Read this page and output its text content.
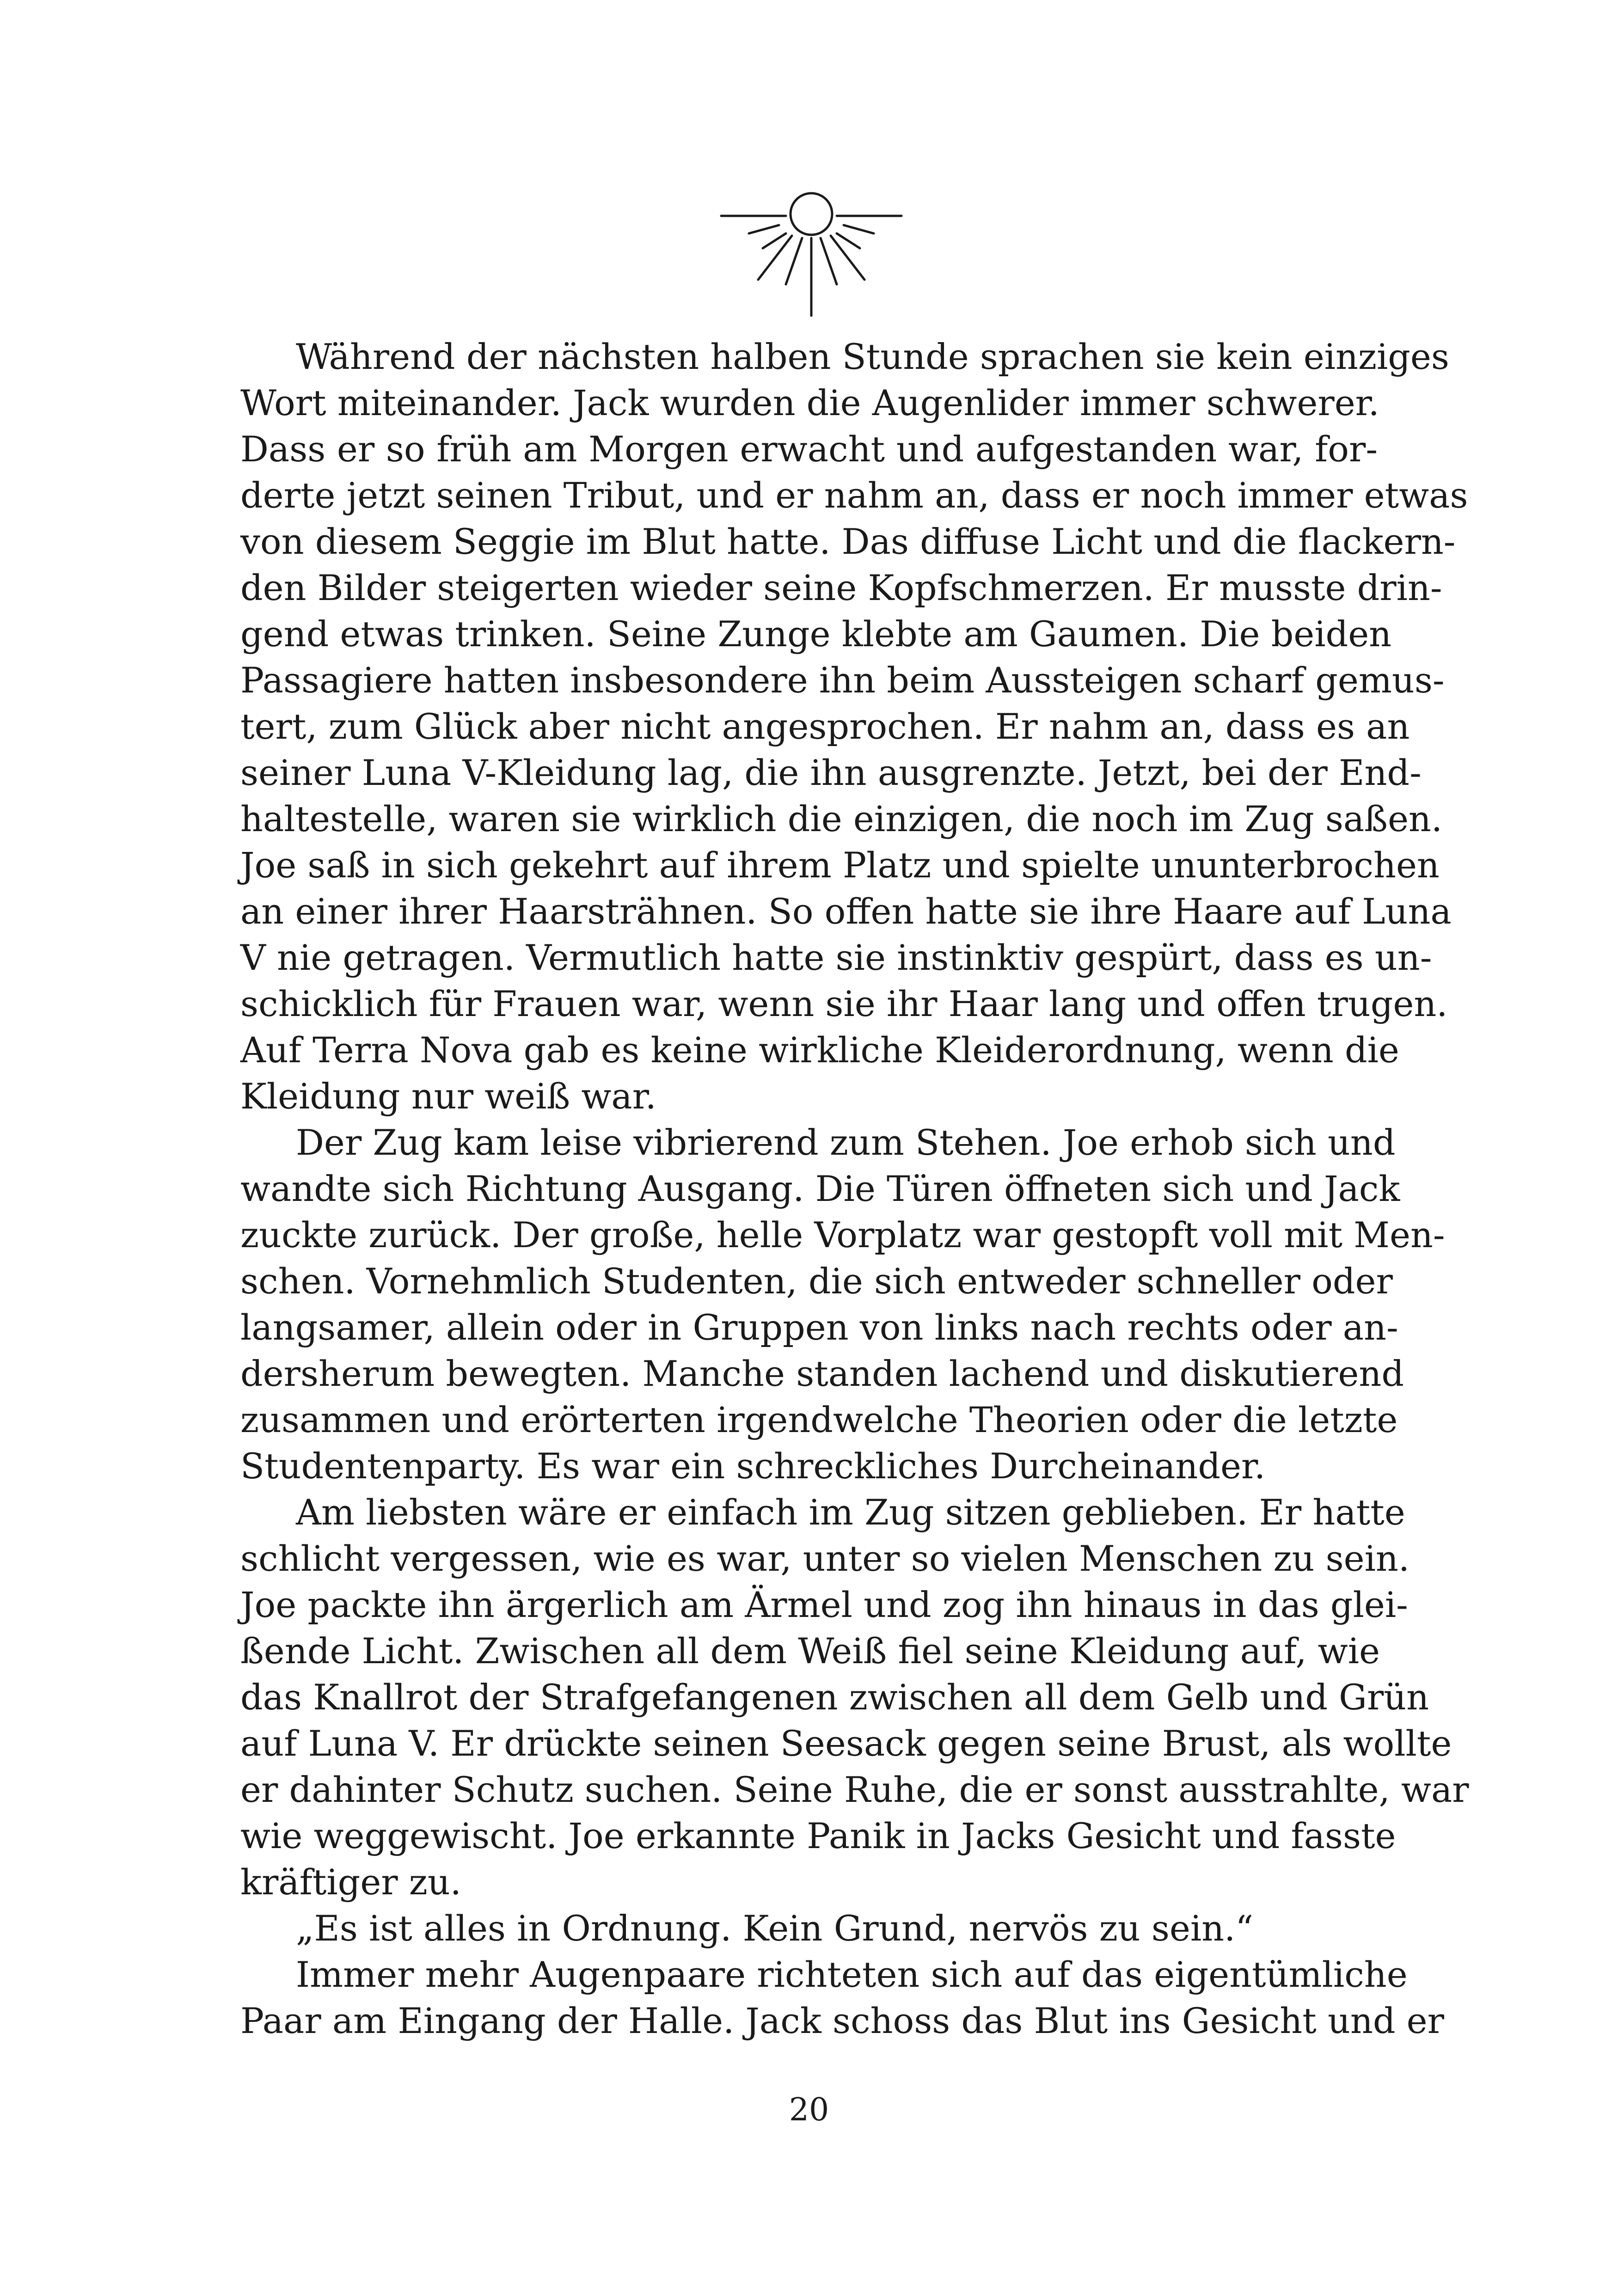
Während der nächsten halben Stunde sprachen sie kein einziges
Wort miteinander. Jack wurden die Augenlider immer schwerer.
Dass er so früh am Morgen erwacht und aufgestanden war, for-
derte jetzt seinen Tribut, und er nahm an, dass er noch immer etwas
von diesem Seggie im Blut hatte. Das diffuse Licht und die flackern-
den Bilder steigerten wieder seine Kopfschmerzen. Er musste drin-
gend etwas trinken. Seine Zunge klebte am Gaumen. Die beiden
Passagiere hatten insbesondere ihn beim Aussteigen scharf gemus-
tert, zum Glück aber nicht angesprochen. Er nahm an, dass es an
seiner Luna V-Kleidung lag, die ihn ausgrenzte. Jetzt, bei der End-
haltestelle, waren sie wirklich die einzigen, die noch im Zug saßen.
Joe saß in sich gekehrt auf ihrem Platz und spielte ununterbrochen
an einer ihrer Haarsträhnen. So offen hatte sie ihre Haare auf Luna
V nie getragen. Vermutlich hatte sie instinktiv gespürt, dass es un-
schicklich für Frauen war, wenn sie ihr Haar lang und offen trugen.
Auf Terra Nova gab es keine wirkliche Kleiderordnung, wenn die
Kleidung nur weiß war.
Der Zug kam leise vibrierend zum Stehen. Joe erhob sich und
wandte sich Richtung Ausgang. Die Türen öffneten sich und Jack
zuckte zurück. Der große, helle Vorplatz war gestopft voll mit Men-
schen. Vornehmlich Studenten, die sich entweder schneller oder
langsamer, allein oder in Gruppen von links nach rechts oder an-
dersherum bewegten. Manche standen lachend und diskutierend
zusammen und erörterten irgendwelche Theorien oder die letzte
Studentenparty. Es war ein schreckliches Durcheinander.
Am liebsten wäre er einfach im Zug sitzen geblieben. Er hatte
schlicht vergessen, wie es war, unter so vielen Menschen zu sein.
Joe packte ihn ärgerlich am Ärmel und zog ihn hinaus in das glei-
ßende Licht. Zwischen all dem Weiß fiel seine Kleidung auf, wie
das Knallrot der Strafgefangenen zwischen all dem Gelb und Grün
auf Luna V. Er drückte seinen Seesack gegen seine Brust, als wollte
er dahinter Schutz suchen. Seine Ruhe, die er sonst ausstrahlte, war
wie weggewischt. Joe erkannte Panik in Jacks Gesicht und fasste
kräftiger zu.
„Es ist alles in Ordnung. Kein Grund, nervös zu sein.“
Immer mehr Augenpaare richteten sich auf das eigentümliche
Paar am Eingang der Halle. Jack schoss das Blut ins Gesicht und er
20
